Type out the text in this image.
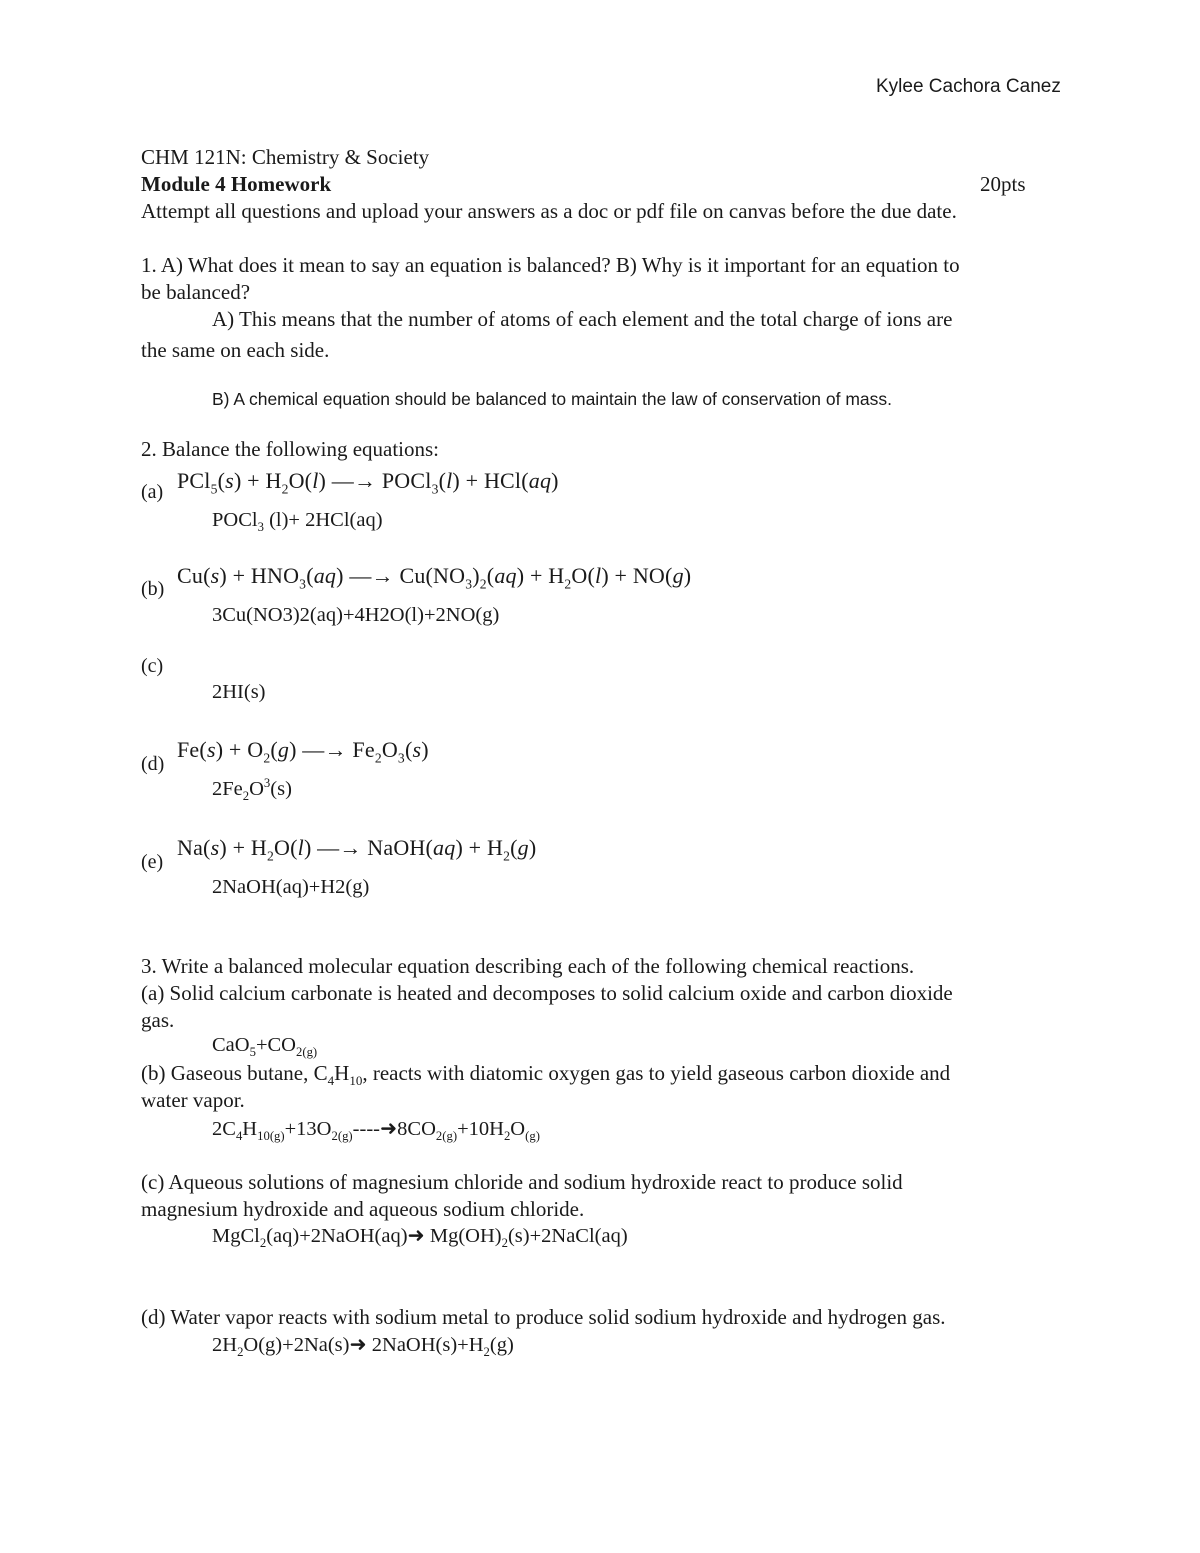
Kylee Cachora Canez
CHM 121N: Chemistry & Society
Module 4 Homework	20pts
Attempt all questions and upload your answers as a doc or pdf file on canvas before the due date.
1. A) What does it mean to say an equation is balanced? B) Why is it important for an equation to
be balanced?
A) This means that the number of atoms of each element and the total charge of ions are
the same on each side.
B) A chemical equation should be balanced to maintain the law of conservation of mass.
2. Balance the following equations:
(a) $PCl_5(s) + H_2O(l)$ —→ POCl$_3$(l) + HCl(aq)
POCl$_3$ (l)+ 2HCl(aq)
(b)
$Cu(s) + HNO_3(aq)$ —→ $Cu(NO_3)_2(aq) + H_2O(l) + NO(g)$
3Cu(NO3)2(aq)+4H2O(l)+2NO(g)
(c)
2HI(s)
(d)
$Fe(s) + O_2(g)$ —→ $Fe_2O_3(s)$
$2Fe_2O^3(s)$
(e)
$Na(s) + H_2O(l)$ —→ NaOH(aq) + $H_2(g)$
2NaOH(aq)+H2(g)
3. Write a balanced molecular equation describing each of the following chemical reactions.
(a) Solid calcium carbonate is heated and decomposes to solid calcium oxide and carbon dioxide
gas.
$CaO_5+CO_{2(g)}$
(b) Gaseous butane, $C_4H_{10}$, reacts with diatomic oxygen gas to yield gaseous carbon dioxide and
water vapor.
$2C_4H_{10(g)}+13O_{2(g)}----➜8CO_{2(g)}+10H_2O_{(g)}$
(c) Aqueous solutions of magnesium chloride and sodium hydroxide react to produce solid
magnesium hydroxide and aqueous sodium chloride.
MgCl$_2$(aq)+2NaOH(aq)➜ $Mg(OH)_2(s)+2NaCl(aq)$
(d) Water vapor reacts with sodium metal to produce solid sodium hydroxide and hydrogen gas.
$2H_2O(g)+2Na(s)➜$ $2NaOH(s)+H_2(g)$
